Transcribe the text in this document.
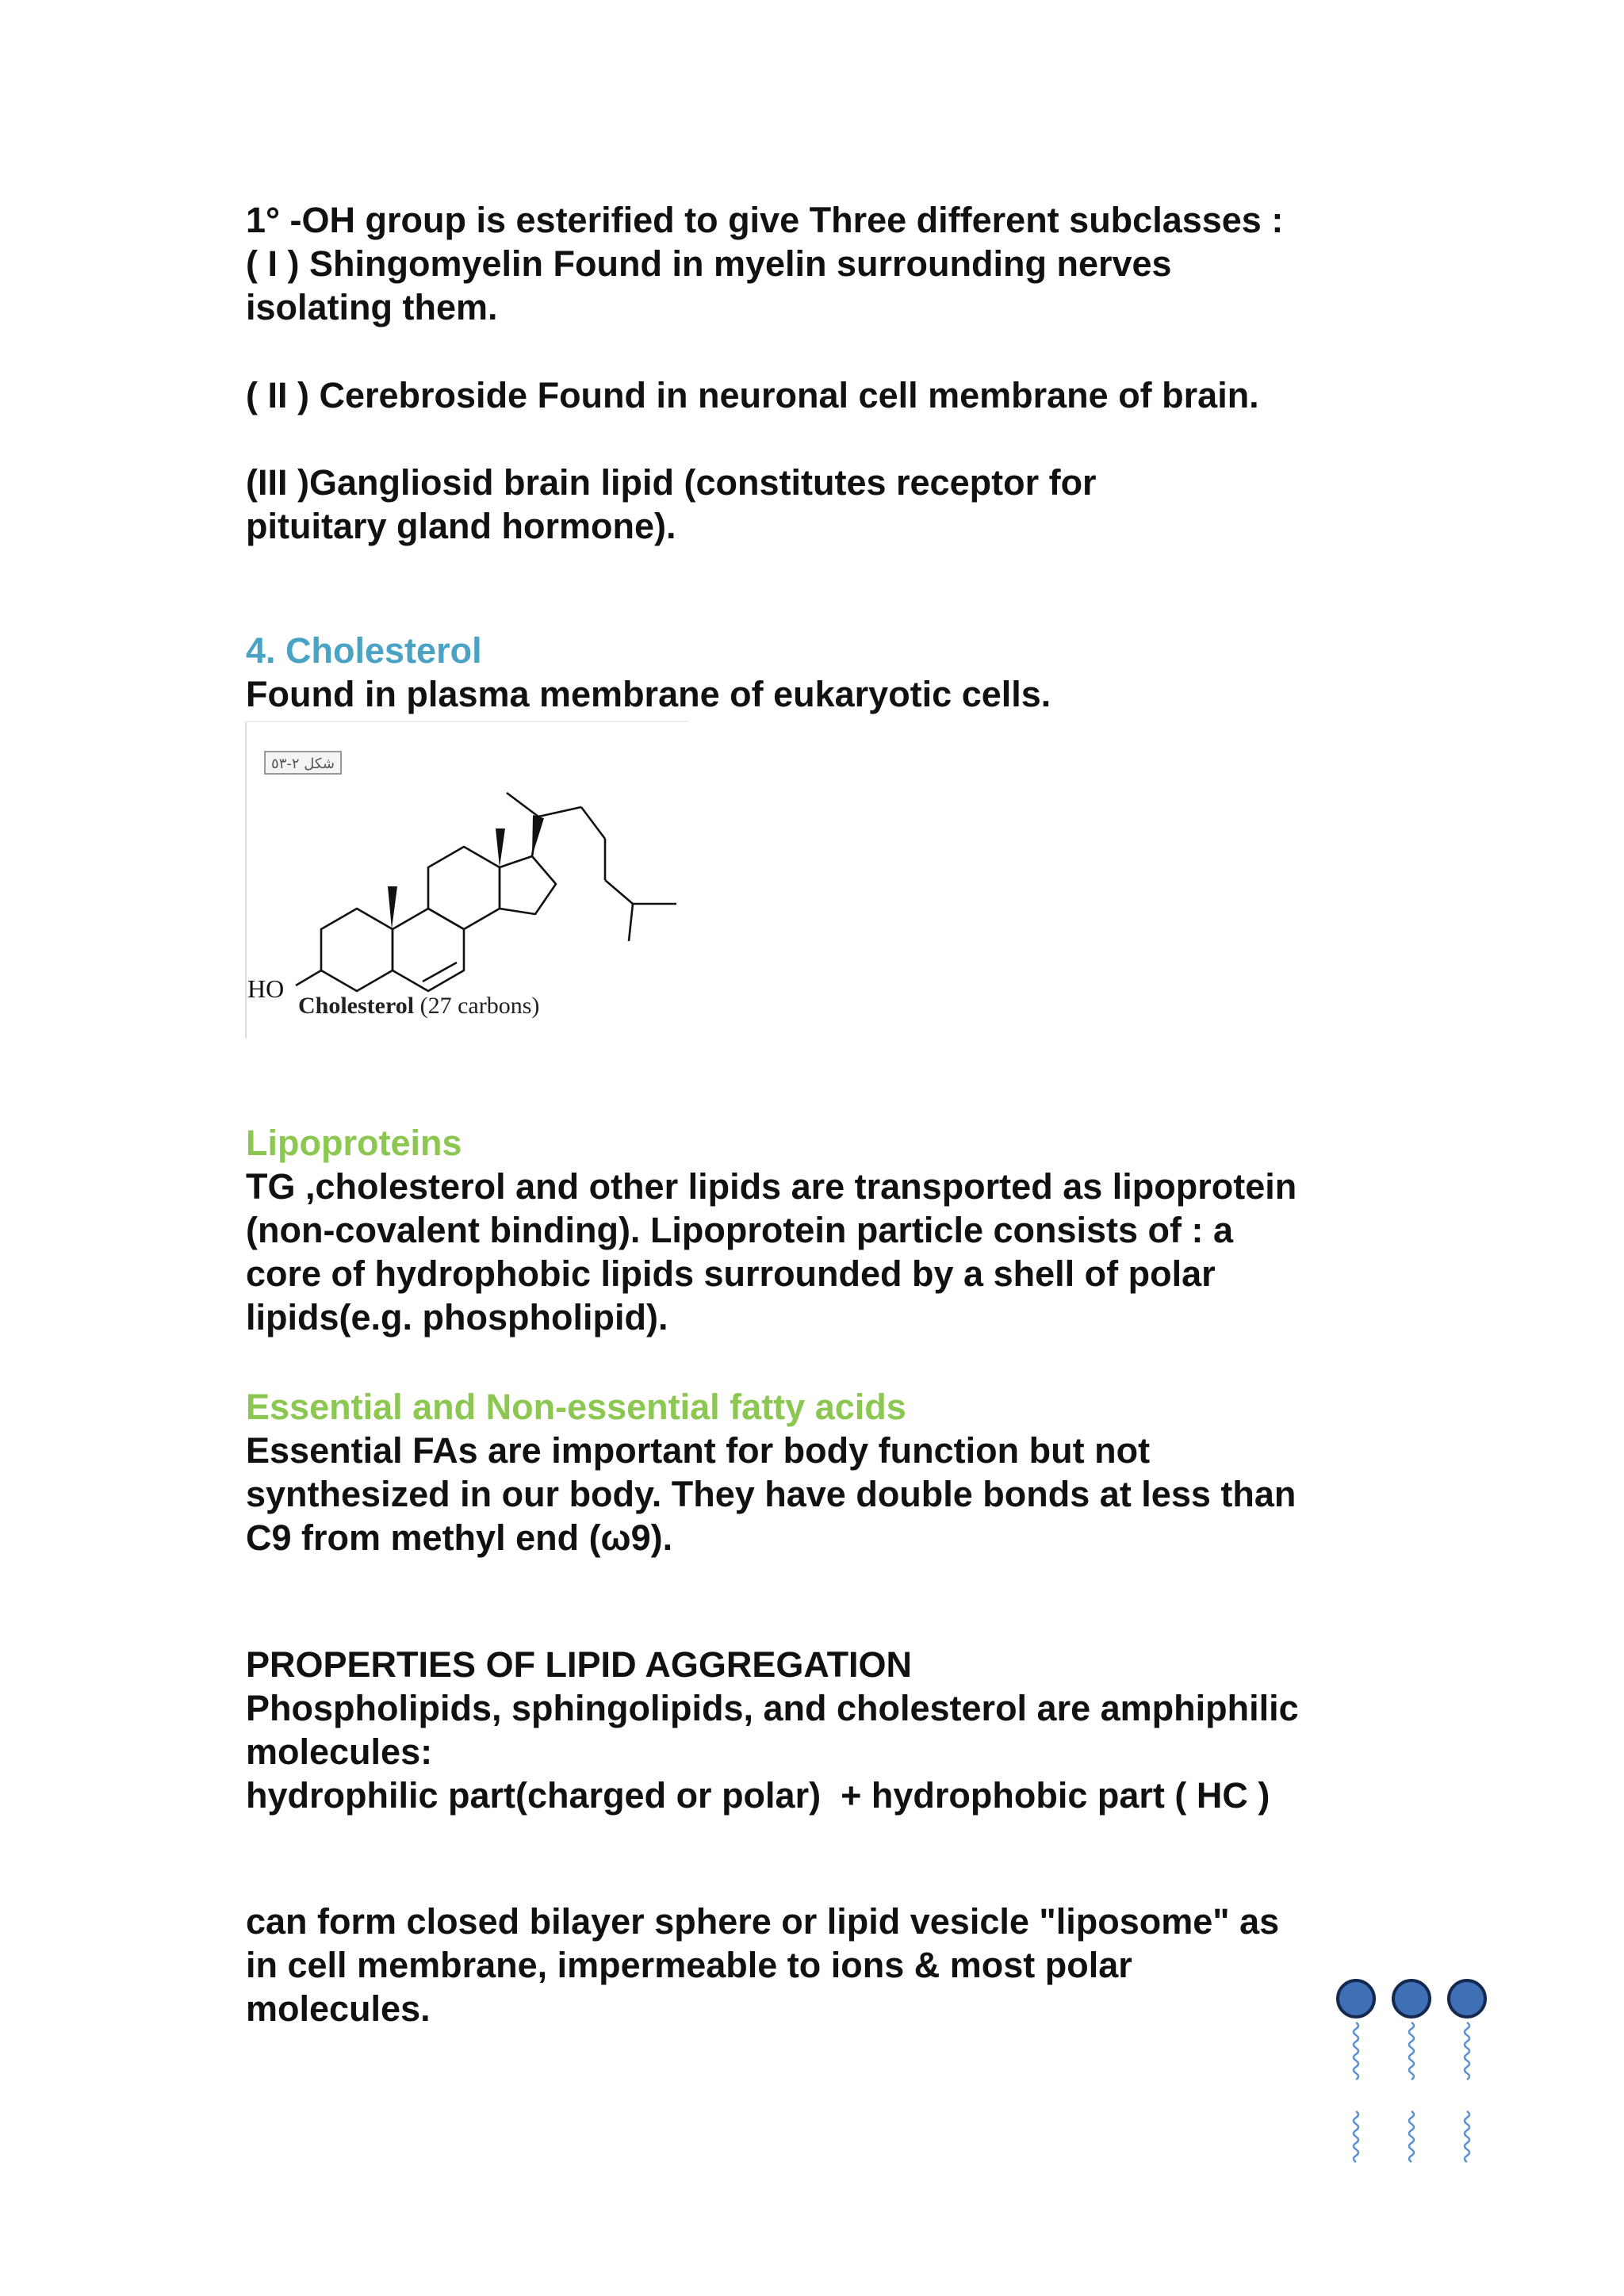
1° -OH group is esterified to give Three different subclasses :
( I ) Shingomyelin Found in myelin surrounding nerves
isolating them.
( II ) Cerebroside Found in neuronal cell membrane of brain.
(III )Gangliosid brain lipid (constitutes receptor for
pituitary gland hormone).
4. Cholesterol
Found in plasma membrane of eukaryotic cells.
شكل ٢-٥٣
HO
Cholesterol (27 carbons)
Lipoproteins
TG ,cholesterol and other lipids are transported as lipoprotein
(non-covalent binding). Lipoprotein particle consists of : a
core of hydrophobic lipids surrounded by a shell of polar
lipids(e.g. phospholipid).
Essential and Non-essential fatty acids
Essential FAs are important for body function but not
synthesized in our body. They have double bonds at less than
C9 from methyl end (ω9).
PROPERTIES OF LIPID AGGREGATION
Phospholipids, sphingolipids, and cholesterol are amphiphilic
molecules:
hydrophilic part(charged or polar)  + hydrophobic part ( HC )
can form closed bilayer sphere or lipid vesicle "liposome" as
in cell membrane, impermeable to ions & most polar
molecules.
